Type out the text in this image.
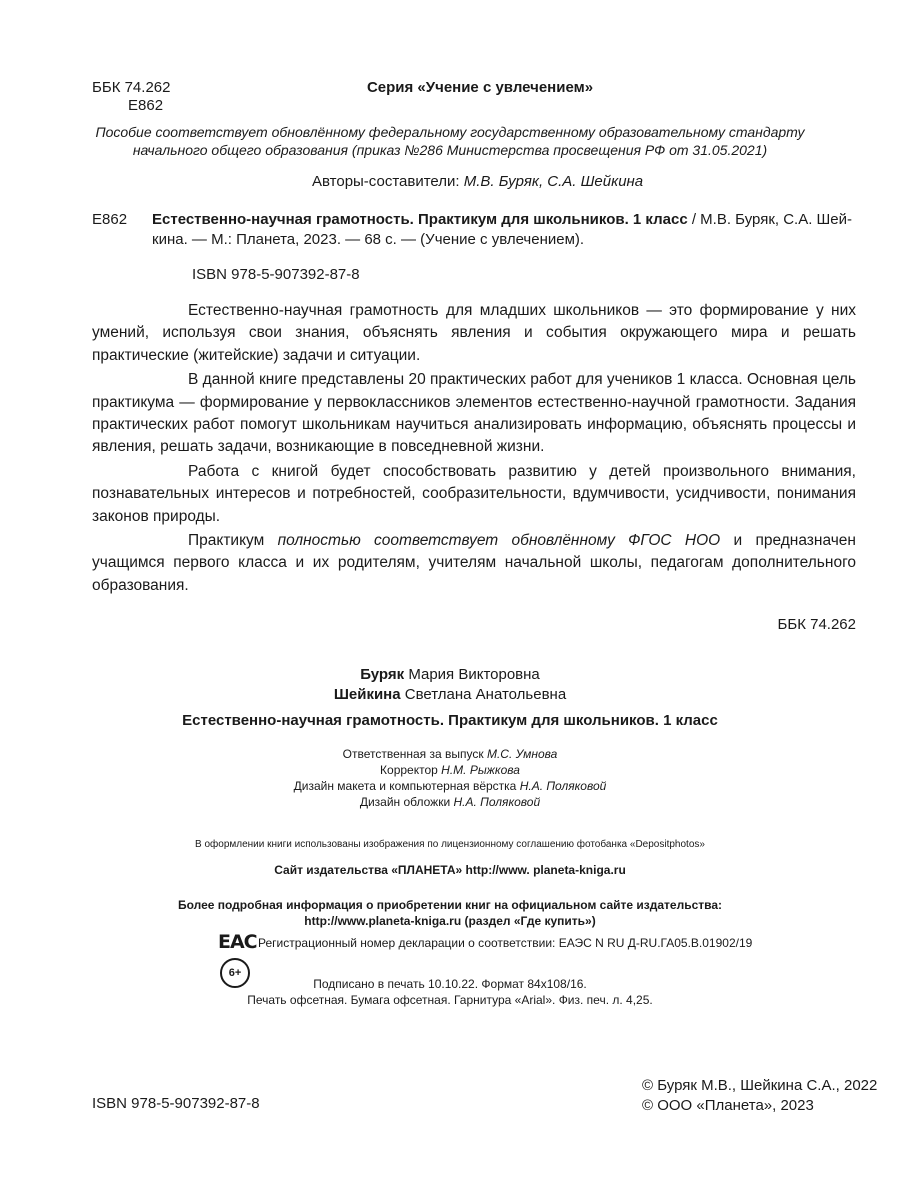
ББК 74.262
Е862
Серия «Учение с увлечением»
Пособие соответствует обновлённому федеральному государственному образовательному стандарту
начального общего образования (приказ №286 Министерства просвещения РФ от 31.05.2021)
Авторы-составители: М.В. Буряк, С.А. Шейкина
Е862 Естественно-научная грамотность. Практикум для школьников. 1 класс / М.В. Буряк, С.А. Шей-
кина. — М.: Планета, 2023. — 68 с. — (Учение с увлечением).
ISBN 978-5-907392-87-8

Естественно-научная грамотность для младших школьников — это формирование у них умений, используя свои знания, объяснять явления и события окружающего мира и решать практические (житейские) задачи и ситуации.

В данной книге представлены 20 практических работ для учеников 1 класса. Основная цель практикума — формирование у первоклассников элементов естественно-научной грамотности. Задания практических работ помогут школьникам научиться анализировать информацию, объяснять процессы и явления, решать задачи, возникающие в повседневной жизни.

Работа с книгой будет способствовать развитию у детей произвольного внимания, познавательных интересов и потребностей, сообразительности, вдумчивости, усидчивости, понимания законов природы.

Практикум полностью соответствует обновлённому ФГОС НОО и предназначен учащимся первого класса и их родителям, учителям начальной школы, педагогам дополнительного образования.

ББК 74.262
Буряк Мария Викторовна
Шейкина Светлана Анатольевна
Естественно-научная грамотность. Практикум для школьников. 1 класс
Ответственная за выпуск М.С. Умнова
Корректор Н.М. Рыжкова
Дизайн макета и компьютерная вёрстка Н.А. Поляковой
Дизайн обложки Н.А. Поляковой
В оформлении книги использованы изображения по лицензионному соглашению фотобанка «Depositphotos»
Сайт издательства «ПЛАНЕТА» http://www. planeta-kniga.ru
Более подробная информация о приобретении книг на официальном сайте издательства:
http://www.planeta-kniga.ru (раздел «Где купить»)
ЕАС Регистрационный номер декларации о соответствии: ЕАЭС N RU Д-RU.ГА05.В.01902/19
6+
Подписано в печать 10.10.22. Формат 84x108/16.
Печать офсетная. Бумага офсетная. Гарнитура «Arial». Физ. печ. л. 4,25.
ISBN 978-5-907392-87-8
© Буряк М.В., Шейкина С.А., 2022
© ООО «Планета», 2023
